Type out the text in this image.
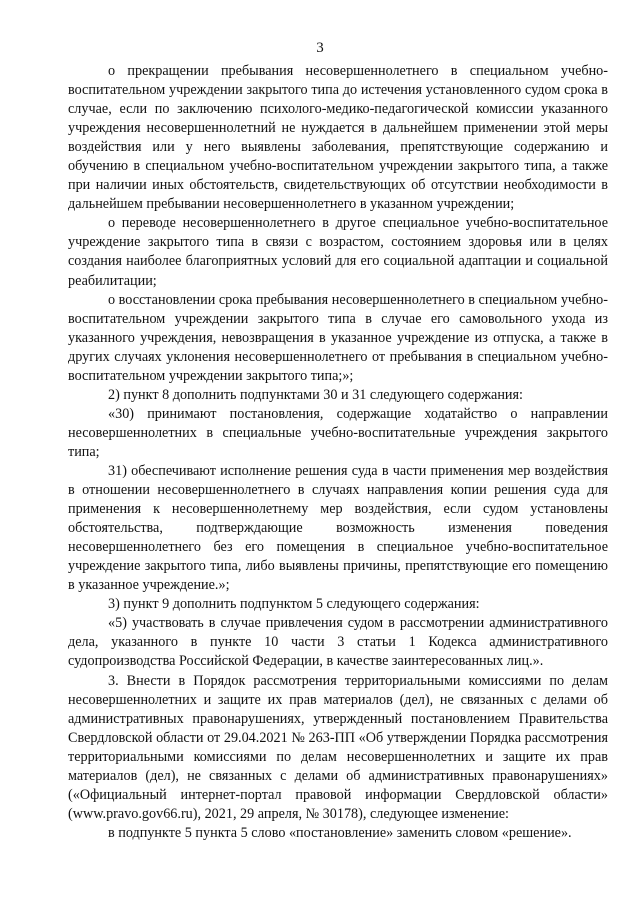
3

о прекращении пребывания несовершеннолетнего в специальном учебно-воспитательном учреждении закрытого типа до истечения установленного судом срока в случае, если по заключению психолого-медико-педагогической комиссии указанного учреждения несовершеннолетний не нуждается в дальнейшем применении этой меры воздействия или у него выявлены заболевания, препятствующие содержанию и обучению в специальном учебно-воспитательном учреждении закрытого типа, а также при наличии иных обстоятельств, свидетельствующих об отсутствии необходимости в дальнейшем пребывании несовершеннолетнего в указанном учреждении;

о переводе несовершеннолетнего в другое специальное учебно-воспитательное учреждение закрытого типа в связи с возрастом, состоянием здоровья или в целях создания наиболее благоприятных условий для его социальной адаптации и социальной реабилитации;

о восстановлении срока пребывания несовершеннолетнего в специальном учебно-воспитательном учреждении закрытого типа в случае его самовольного ухода из указанного учреждения, невозвращения в указанное учреждение из отпуска, а также в других случаях уклонения несовершеннолетнего от пребывания в специальном учебно-воспитательном учреждении закрытого типа;»;

2) пункт 8 дополнить подпунктами 30 и 31 следующего содержания:

«30) принимают постановления, содержащие ходатайство о направлении несовершеннолетних в специальные учебно-воспитательные учреждения закрытого типа;

31) обеспечивают исполнение решения суда в части применения мер воздействия в отношении несовершеннолетнего в случаях направления копии решения суда для применения к несовершеннолетнему мер воздействия, если судом установлены обстоятельства, подтверждающие возможность изменения поведения несовершеннолетнего без его помещения в специальное учебно-воспитательное учреждение закрытого типа, либо выявлены причины, препятствующие его помещению в указанное учреждение.»;

3) пункт 9 дополнить подпунктом 5 следующего содержания:

«5) участвовать в случае привлечения судом в рассмотрении административного дела, указанного в пункте 10 части 3 статьи 1 Кодекса административного судопроизводства Российской Федерации, в качестве заинтересованных лиц.».

3. Внести в Порядок рассмотрения территориальными комиссиями по делам несовершеннолетних и защите их прав материалов (дел), не связанных с делами об административных правонарушениях, утвержденный постановлением Правительства Свердловской области от 29.04.2021 № 263-ПП «Об утверждении Порядка рассмотрения территориальными комиссиями по делам несовершеннолетних и защите их прав материалов (дел), не связанных с делами об административных правонарушениях» («Официальный интернет-портал правовой информации Свердловской области» (www.pravo.gov66.ru), 2021, 29 апреля, № 30178), следующее изменение:

в подпункте 5 пункта 5 слово «постановление» заменить словом «решение».
